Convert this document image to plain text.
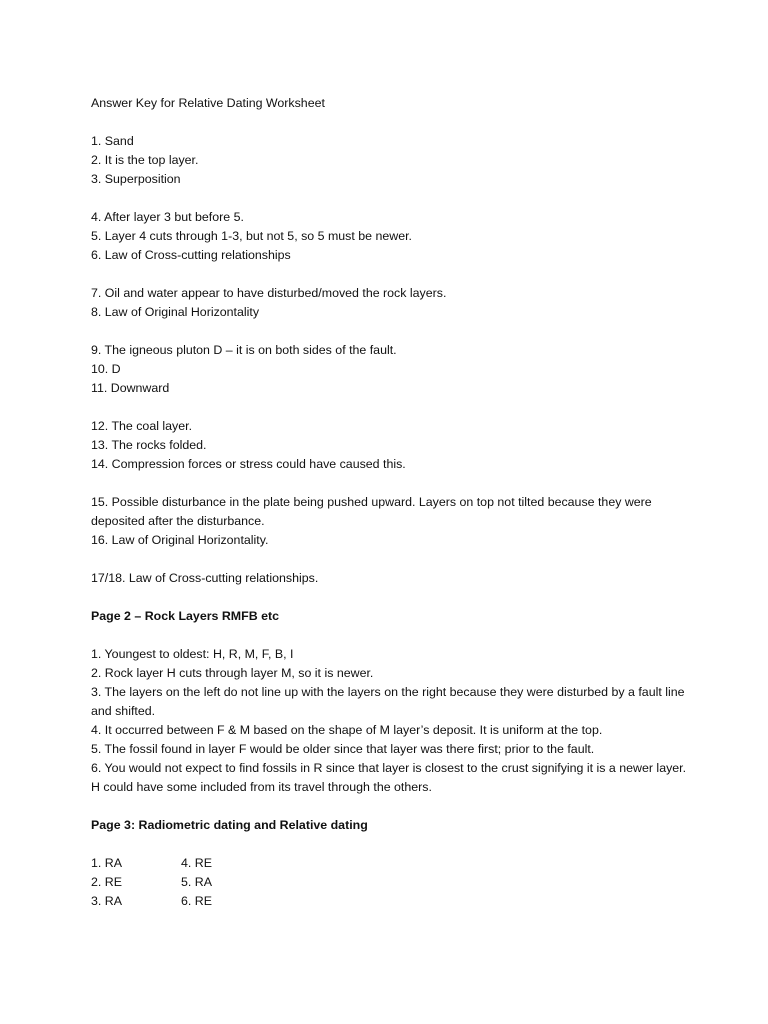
Answer Key for Relative Dating Worksheet
1. Sand
2. It is the top layer.
3. Superposition
4. After layer 3 but before 5.
5. Layer 4 cuts through 1-3, but not 5, so 5 must be newer.
6. Law of Cross-cutting relationships
7. Oil and water appear to have disturbed/moved the rock layers.
8. Law of Original Horizontality
9. The igneous pluton D – it is on both sides of the fault.
10. D
11. Downward
12. The coal layer.
13. The rocks folded.
14. Compression forces or stress could have caused this.
15. Possible disturbance in the plate being pushed upward. Layers on top not tilted because they were deposited after the disturbance.
16. Law of Original Horizontality.
17/18. Law of Cross-cutting relationships.
Page 2 – Rock Layers RMFB etc
1. Youngest to oldest: H, R, M, F, B, I
2. Rock layer H cuts through layer M, so it is newer.
3. The layers on the left do not line up with the layers on the right because they were disturbed by a fault line and shifted.
4. It occurred between F & M based on the shape of M layer’s deposit. It is uniform at the top.
5. The fossil found in layer F would be older since that layer was there first; prior to the fault.
6. You would not expect to find fossils in R since that layer is closest to the crust signifying it is a newer layer. H could have some included from its travel through the others.
Page 3: Radiometric dating and Relative dating
1. RA	4. RE
2. RE	5. RA
3. RA	6. RE
